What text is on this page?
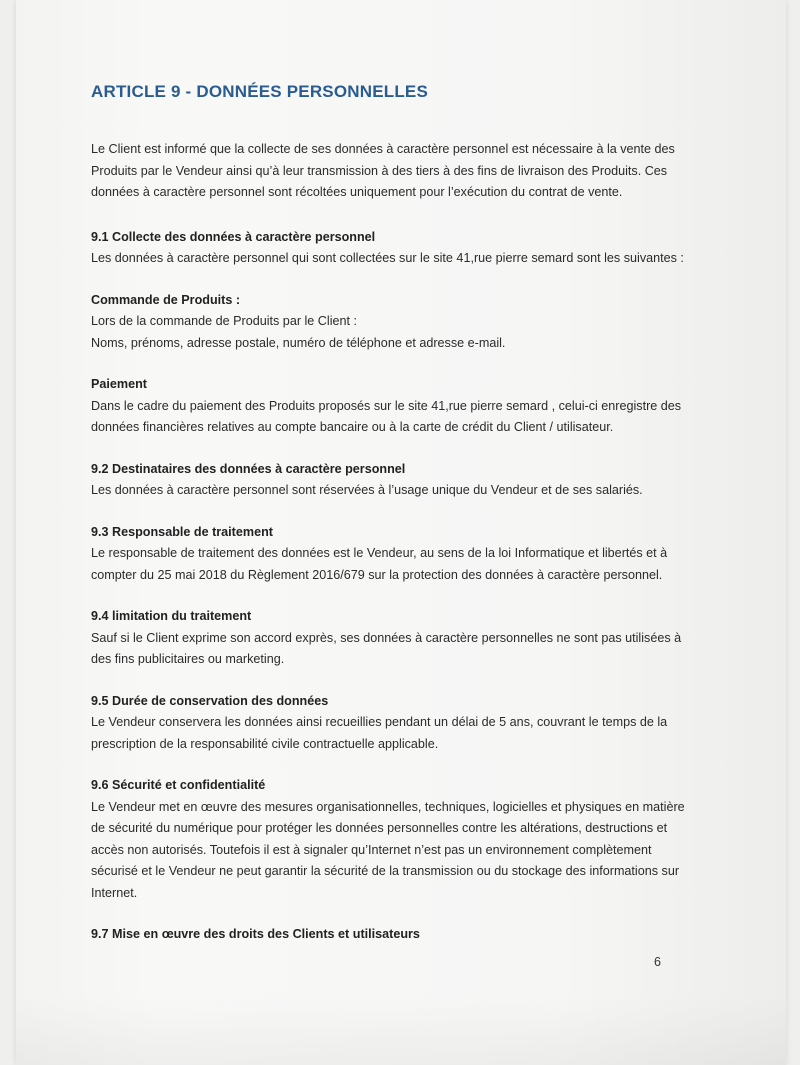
ARTICLE 9 - DONNÉES PERSONNELLES

Le Client est informé que la collecte de ses données à caractère personnel est nécessaire à la vente des Produits par le Vendeur ainsi qu’à leur transmission à des tiers à des fins de livraison des Produits. Ces données à caractère personnel sont récoltées uniquement pour l’exécution du contrat de vente.

9.1 Collecte des données à caractère personnel

Les données à caractère personnel qui sont collectées sur le site 41,rue pierre semard sont les suivantes :

Commande de Produits :

Lors de la commande de Produits par le Client :

Noms, prénoms, adresse postale, numéro de téléphone et adresse e-mail.

Paiement

Dans le cadre du paiement des Produits proposés sur le site 41,rue pierre semard , celui-ci enregistre des données financières relatives au compte bancaire ou à la carte de crédit du Client / utilisateur.

9.2 Destinataires des données à caractère personnel

Les données à caractère personnel sont réservées à l’usage unique du Vendeur et de ses salariés.

9.3 Responsable de traitement

Le responsable de traitement des données est le Vendeur, au sens de la loi Informatique et libertés et à compter du 25 mai 2018 du Règlement 2016/679 sur la protection des données à caractère personnel.

9.4 limitation du traitement

Sauf si le Client exprime son accord exprès, ses données à caractère personnelles ne sont pas utilisées à des fins publicitaires ou marketing.

9.5 Durée de conservation des données

Le Vendeur conservera les données ainsi recueillies pendant un délai de 5 ans, couvrant le temps de la prescription de la responsabilité civile contractuelle applicable.

9.6 Sécurité et confidentialité

Le Vendeur met en œuvre des mesures organisationnelles, techniques, logicielles et physiques en matière de sécurité du numérique pour protéger les données personnelles contre les altérations, destructions et accès non autorisés. Toutefois il est à signaler qu’Internet n’est pas un environnement complètement sécurisé et le Vendeur ne peut garantir la sécurité de la transmission ou du stockage des informations sur Internet.

9.7 Mise en œuvre des droits des Clients et utilisateurs

6
